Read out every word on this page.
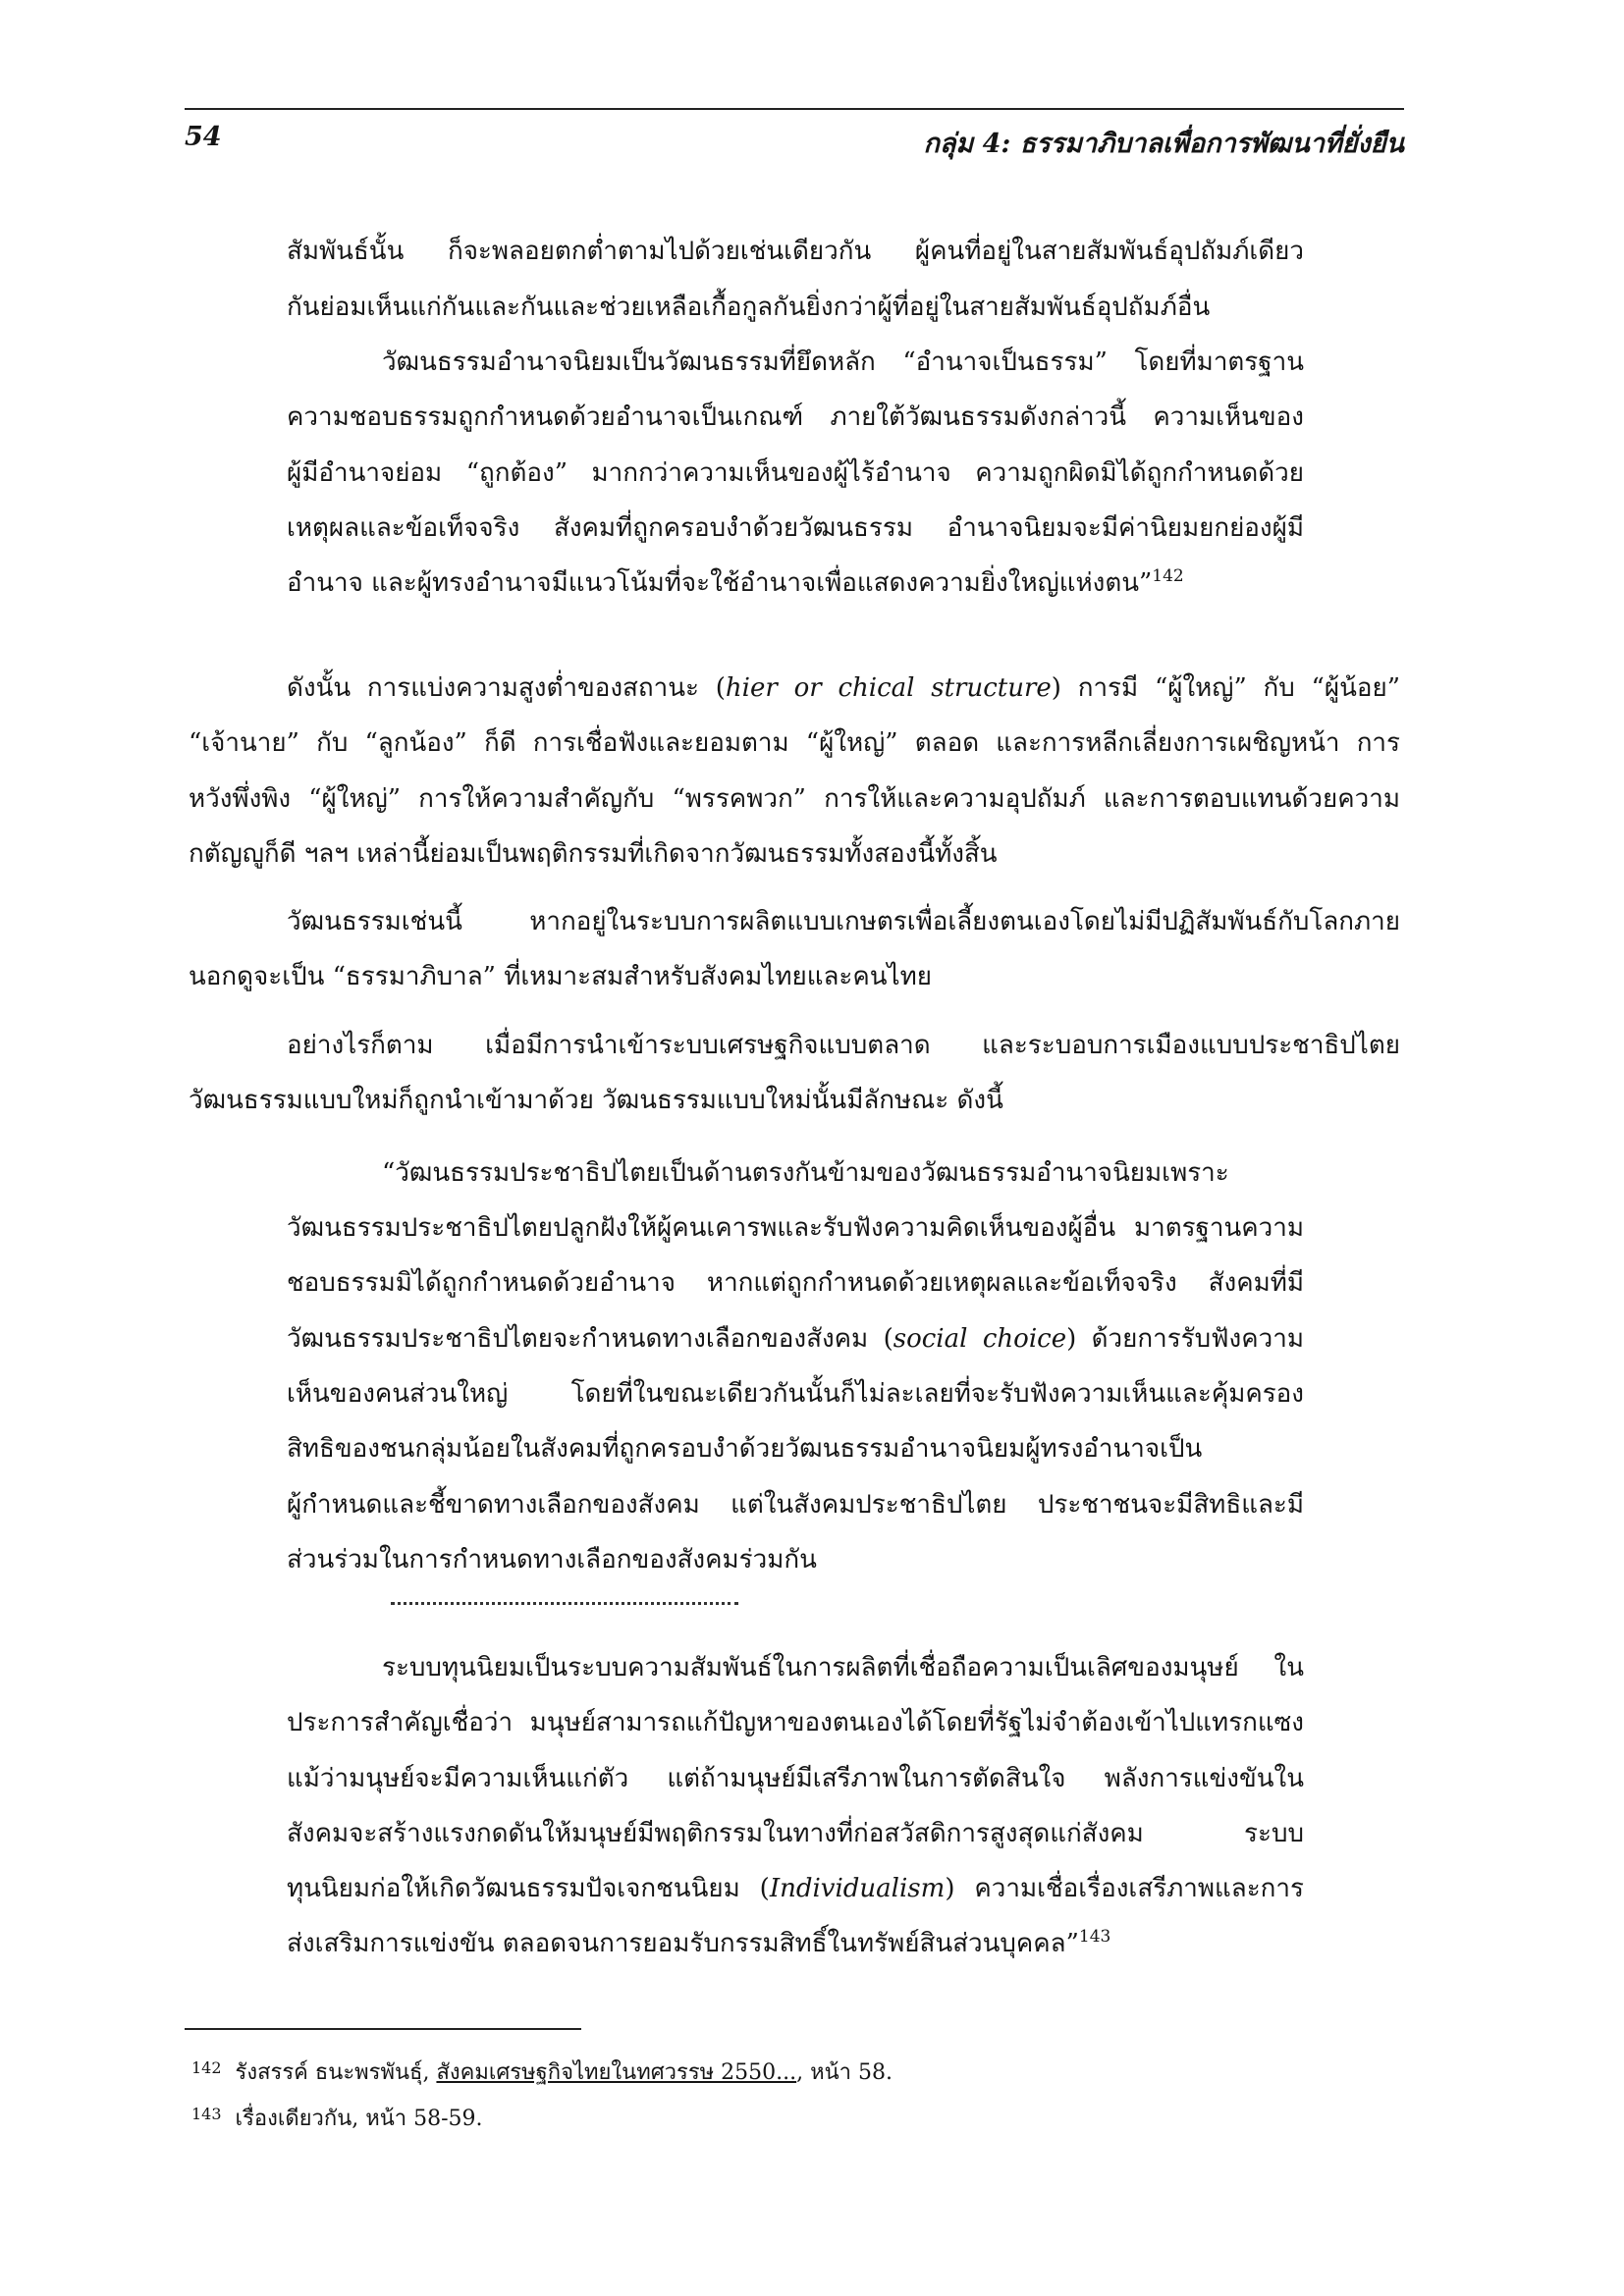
54	กลุ่ม 4: ธรรมาภิบาลเพื่อการพัฒนาที่ยั่งยืน
สัมพันธ์นั้น ก็จะพลอยตกต่ำตามไปด้วยเช่นเดียวกัน ผู้คนที่อยู่ในสายสัมพันธ์อุปถัมภ์เดียว
กันย่อมเห็นแก่กันและกันและช่วยเหลือเกื้อกูลกันยิ่งกว่าผู้ที่อยู่ในสายสัมพันธ์อุปถัมภ์อื่น
วัฒนธรรมอำนาจนิยมเป็นวัฒนธรรมที่ยึดหลัก “อำนาจเป็นธรรม” โดยที่มาตรฐาน
ความชอบธรรมถูกกำหนดด้วยอำนาจเป็นเกณฑ์ ภายใต้วัฒนธรรมดังกล่าวนี้ ความเห็นของ
ผู้มีอำนาจย่อม “ถูกต้อง” มากกว่าความเห็นของผู้ไร้อำนาจ ความถูกผิดมิได้ถูกกำหนดด้วย
เหตุผลและข้อเท็จจริง สังคมที่ถูกครอบงำด้วยวัฒนธรรม อำนาจนิยมจะมีค่านิยมยกย่องผู้มี
อำนาจ และผู้ทรงอำนาจมีแนวโน้มที่จะใช้อำนาจเพื่อแสดงความยิ่งใหญ่แห่งตน”$^{142}$
ดังนั้น การแบ่งความสูงต่ำของสถานะ (hier or chical structure) การมี “ผู้ใหญ่” กับ “ผู้น้อย”
“เจ้านาย” กับ “ลูกน้อง” ก็ดี การเชื่อฟังและยอมตาม “ผู้ใหญ่” ตลอด และการหลีกเลี่ยงการเผชิญหน้า การ
หวังพึ่งพิง “ผู้ใหญ่” การให้ความสำคัญกับ “พรรคพวก” การให้และความอุปถัมภ์ และการตอบแทนด้วยความ
กตัญญูก็ดี ฯลฯ เหล่านี้ย่อมเป็นพฤติกรรมที่เกิดจากวัฒนธรรมทั้งสองนี้ทั้งสิ้น
วัฒนธรรมเช่นนี้ หากอยู่ในระบบการผลิตแบบเกษตรเพื่อเลี้ยงตนเองโดยไม่มีปฏิสัมพันธ์กับโลกภาย
นอกดูจะเป็น “ธรรมาภิบาล” ที่เหมาะสมสำหรับสังคมไทยและคนไทย
อย่างไรก็ตาม เมื่อมีการนำเข้าระบบเศรษฐกิจแบบตลาด และระบอบการเมืองแบบประชาธิปไตย
วัฒนธรรมแบบใหม่ก็ถูกนำเข้ามาด้วย วัฒนธรรมแบบใหม่นั้นมีลักษณะ ดังนี้
“วัฒนธรรมประชาธิปไตยเป็นด้านตรงกันข้ามของวัฒนธรรมอำนาจนิยมเพราะ
วัฒนธรรมประชาธิปไตยปลูกฝังให้ผู้คนเคารพและรับฟังความคิดเห็นของผู้อื่น มาตรฐานความ
ชอบธรรมมิได้ถูกกำหนดด้วยอำนาจ หากแต่ถูกกำหนดด้วยเหตุผลและข้อเท็จจริง สังคมที่มี
วัฒนธรรมประชาธิปไตยจะกำหนดทางเลือกของสังคม (social choice) ด้วยการรับฟังความ
เห็นของคนส่วนใหญ่ โดยที่ในขณะเดียวกันนั้นก็ไม่ละเลยที่จะรับฟังความเห็นและคุ้มครอง
สิทธิของชนกลุ่มน้อยในสังคมที่ถูกครอบงำด้วยวัฒนธรรมอำนาจนิยมผู้ทรงอำนาจเป็น
ผู้กำหนดและชี้ขาดทางเลือกของสังคม แต่ในสังคมประชาธิปไตย ประชาชนจะมีสิทธิและมี
ส่วนร่วมในการกำหนดทางเลือกของสังคมร่วมกัน
ระบบทุนนิยมเป็นระบบความสัมพันธ์ในการผลิตที่เชื่อถือความเป็นเลิศของมนุษย์ ใน
ประการสำคัญเชื่อว่า มนุษย์สามารถแก้ปัญหาของตนเองได้โดยที่รัฐไม่จำต้องเข้าไปแทรกแซง
แม้ว่ามนุษย์จะมีความเห็นแก่ตัว แต่ถ้ามนุษย์มีเสรีภาพในการตัดสินใจ พลังการแข่งขันใน
สังคมจะสร้างแรงกดดันให้มนุษย์มีพฤติกรรมในทางที่ก่อสวัสดิการสูงสุดแก่สังคม ระบบ
ทุนนิยมก่อให้เกิดวัฒนธรรมปัจเจกชนนิยม (Individualism) ความเชื่อเรื่องเสรีภาพและการ
ส่งเสริมการแข่งขัน ตลอดจนการยอมรับกรรมสิทธิ์ในทรัพย์สินส่วนบุคคล”$^{143}$
$^{142}$ รังสรรค์ ธนะพรพันธุ์, สังคมเศรษฐกิจไทยในทศวรรษ 2550..., หน้า 58.
$^{143}$ เรื่องเดียวกัน, หน้า 58-59.
